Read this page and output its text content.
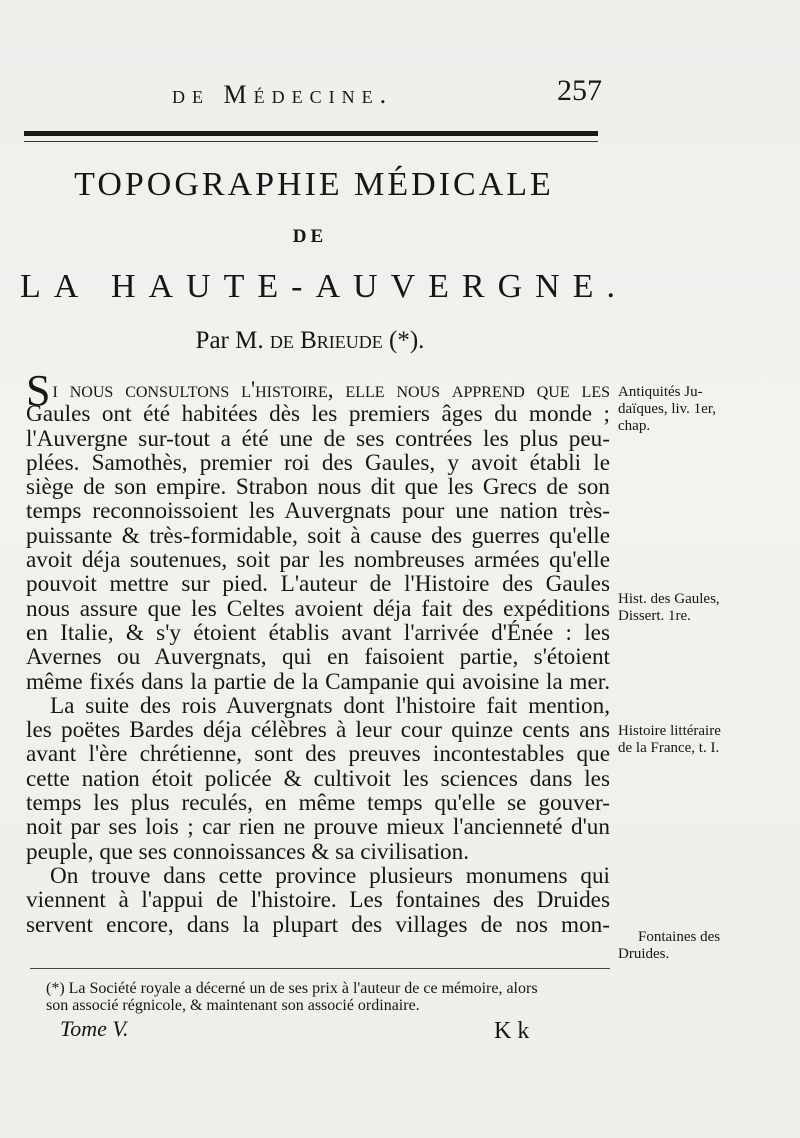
de Médecine.	257
TOPOGRAPHIE MÉDICALE
DE
LA HAUTE-AUVERGNE.
Par M. de Brieude (*).
Si nous consultons l'histoire, elle nous apprend que les
Gaules ont été habitées dès les premiers âges du monde ;
l'Auvergne sur-tout a été une de ses contrées les plus peu-
plées. Samothès, premier roi des Gaules, y avoit établi le
siège de son empire. Strabon nous dit que les Grecs de son
temps reconnoissoient les Auvergnats pour une nation très-
puissante & très-formidable, soit à cause des guerres qu'elle
avoit déja soutenues, soit par les nombreuses armées qu'elle
pouvoit mettre sur pied. L'auteur de l'Histoire des Gaules
nous assure que les Celtes avoient déja fait des expéditions
en Italie, & s'y étoient établis avant l'arrivée d'Énée : les
Avernes ou Auvergnats, qui en faisoient partie, s'étoient
même fixés dans la partie de la Campanie qui avoisine la mer.
La suite des rois Auvergnats dont l'histoire fait mention,
les poëtes Bardes déja célèbres à leur cour quinze cents ans
avant l'ère chrétienne, sont des preuves incontestables que
cette nation étoit policée & cultivoit les sciences dans les
temps les plus reculés, en même temps qu'elle se gouver-
noit par ses lois ; car rien ne prouve mieux l'ancienneté d'un
peuple, que ses connoissances & sa civilisation.
On trouve dans cette province plusieurs monumens qui
viennent à l'appui de l'histoire. Les fontaines des Druides
servent encore, dans la plupart des villages de nos mon-
Antiquités Ju-
daïques, liv. 1er,
chap.
Hist. des Gaules,
Dissert. 1re.
Histoire littéraire
de la France, t. I.
Fontaines des
Druides.
(*) La Société royale a décerné un de ses prix à l'auteur de ce mémoire, alors
son associé régnicole, & maintenant son associé ordinaire.
Tome V.	K k
